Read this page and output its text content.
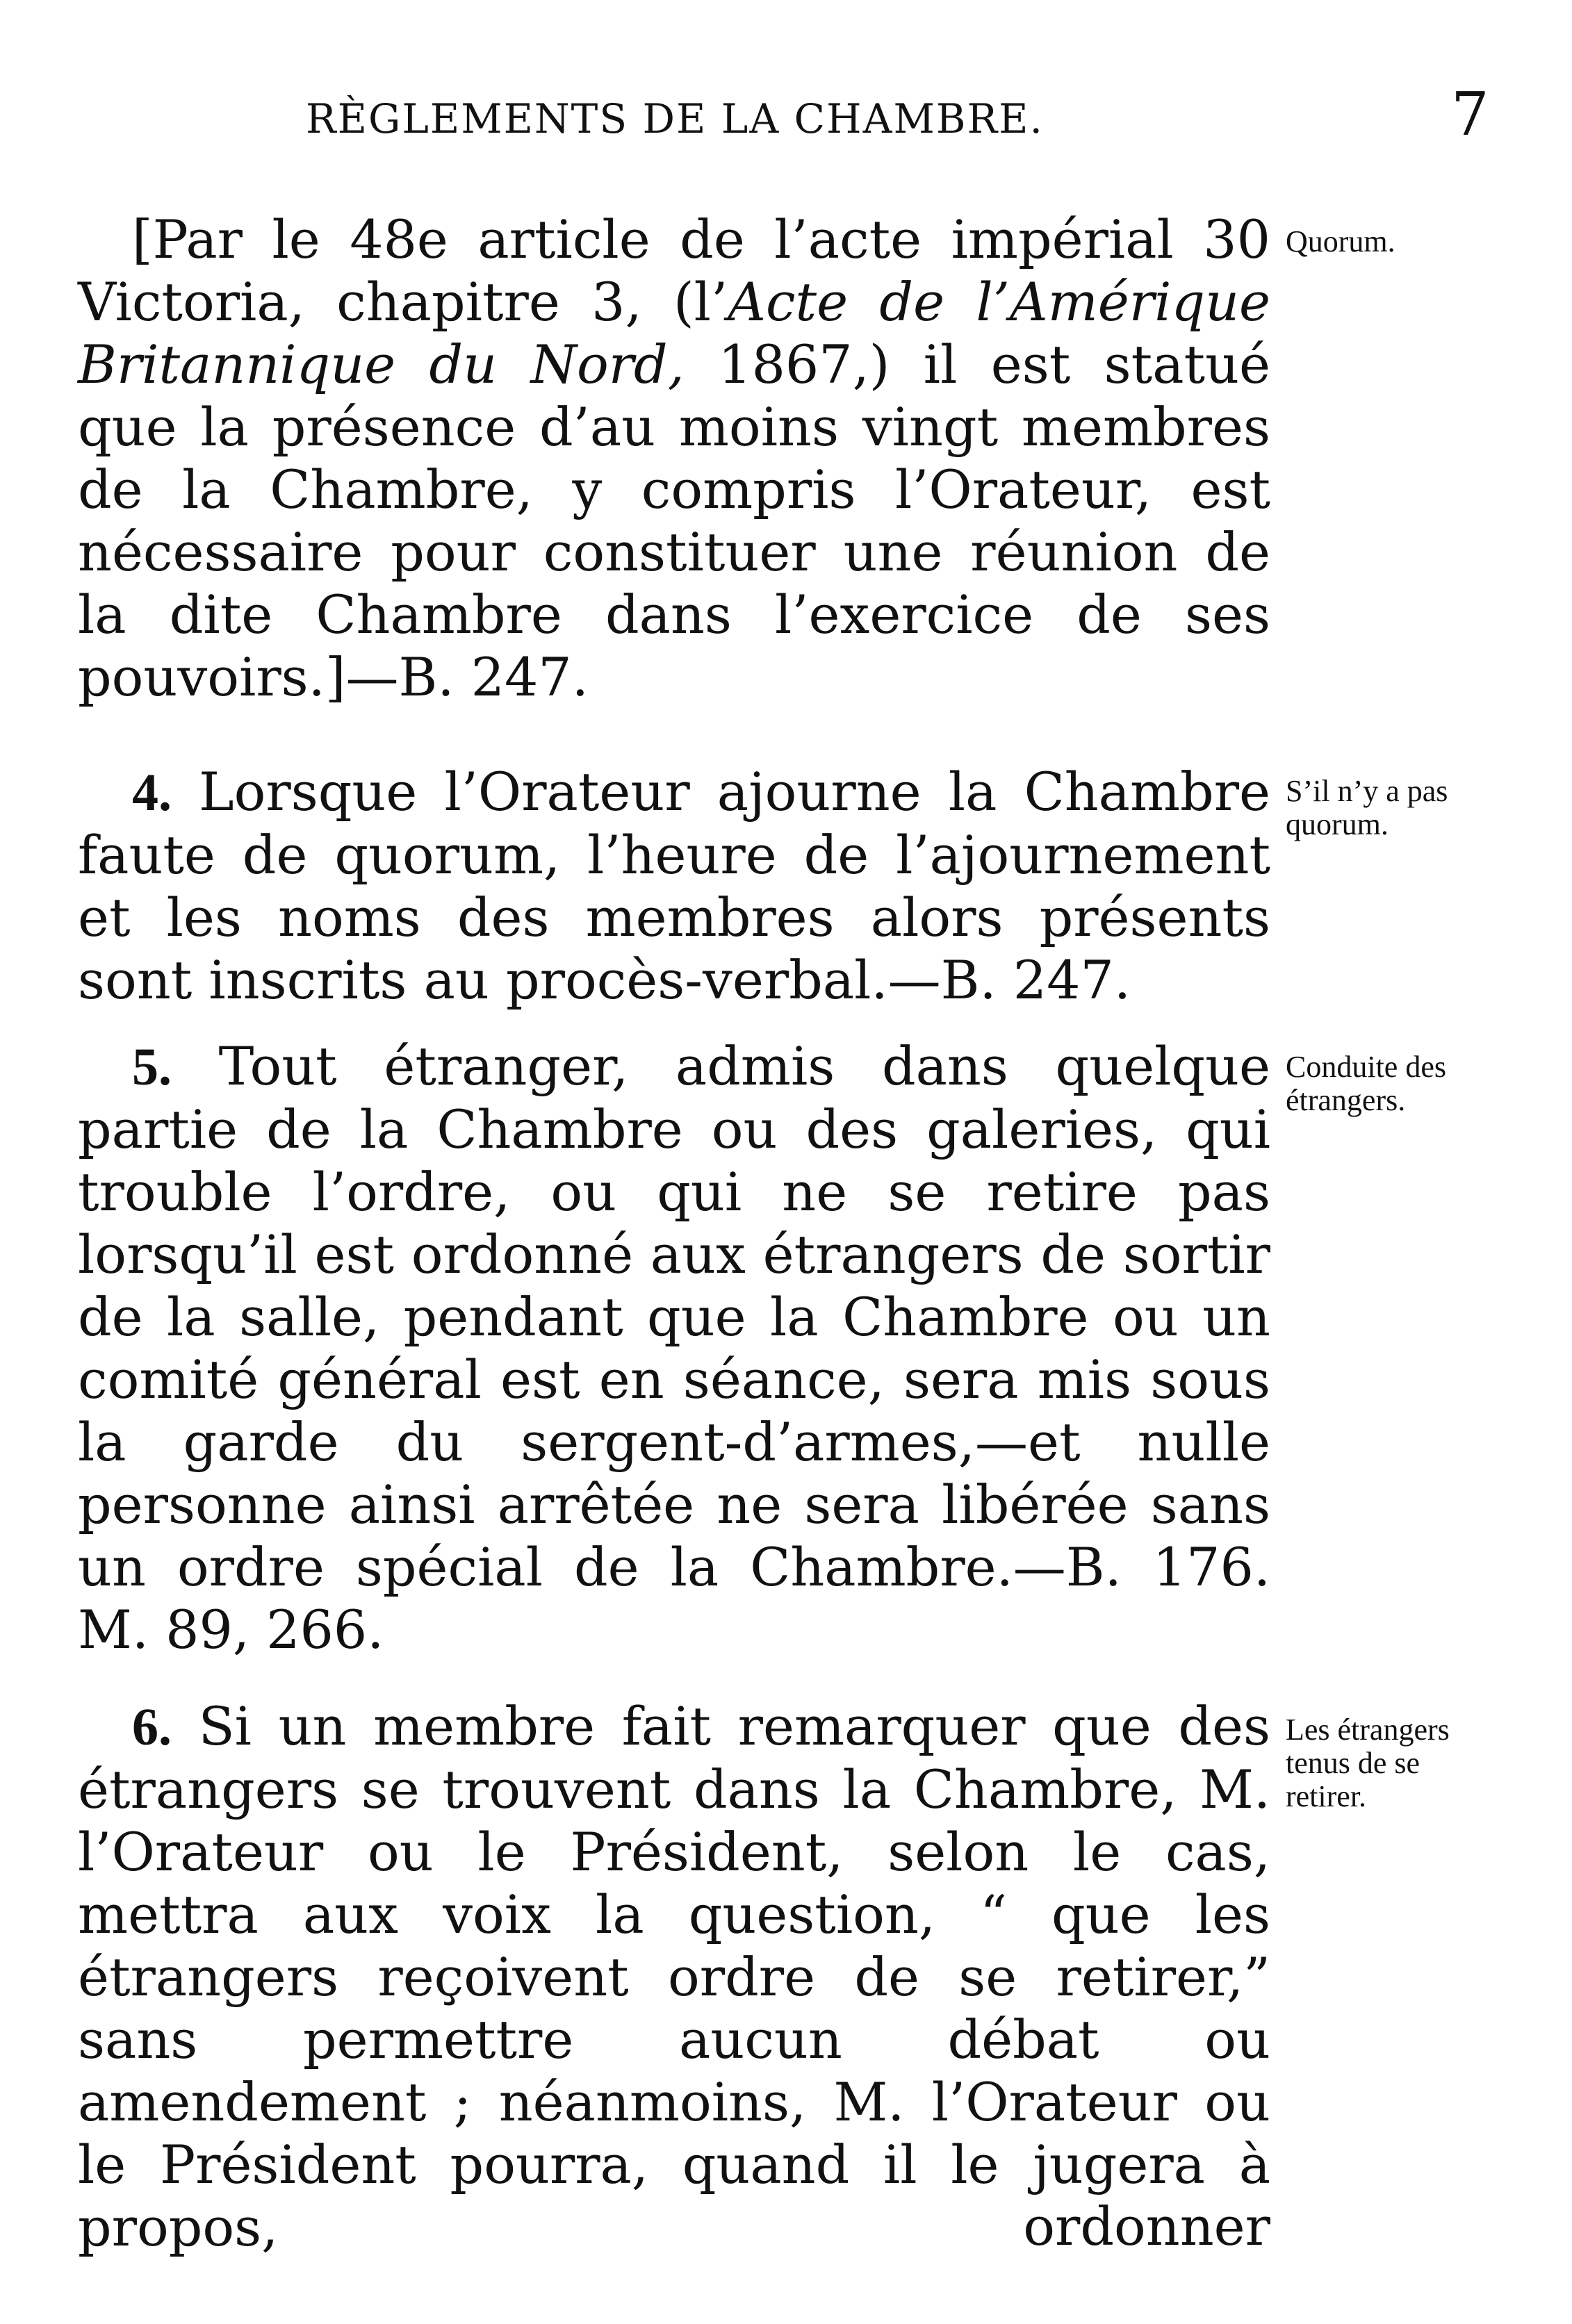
RÈGLEMENTS DE LA CHAMBRE.	7

[Par le 48e article de l’acte impérial 30 Victoria, chapitre 3, (l’Acte de l’Amérique Britannique du Nord, 1867,) il est statué que la présence d’au moins vingt membres de la Chambre, y compris l’Orateur, est nécessaire pour constituer une réunion de la dite Chambre dans l’exercice de ses pouvoirs.]—B. 247.

Quorum.

4. Lorsque l’Orateur ajourne la Chambre faute de quorum, l’heure de l’ajournement et les noms des membres alors présents sont inscrits au procès-verbal.—B. 247.

S’il n’y a pas quorum.

5. Tout étranger, admis dans quelque partie de la Chambre ou des galeries, qui trouble l’ordre, ou qui ne se retire pas lorsqu’il est ordonné aux étrangers de sortir de la salle, pendant que la Chambre ou un comité général est en séance, sera mis sous la garde du sergent-d’armes,—et nulle personne ainsi arrêtée ne sera libérée sans un ordre spécial de la Chambre.—B. 176. M. 89, 266.

Conduite des étrangers.

6. Si un membre fait remarquer que des étrangers se trouvent dans la Chambre, M. l’Orateur ou le Président, selon le cas, mettra aux voix la question, “ que les étrangers reçoivent ordre de se retirer,” sans permettre aucun débat ou amendement ; néanmoins, M. l’Orateur ou le Président pourra, quand il le jugera à propos,

Les étrangers tenus de se retirer.

ordonner
